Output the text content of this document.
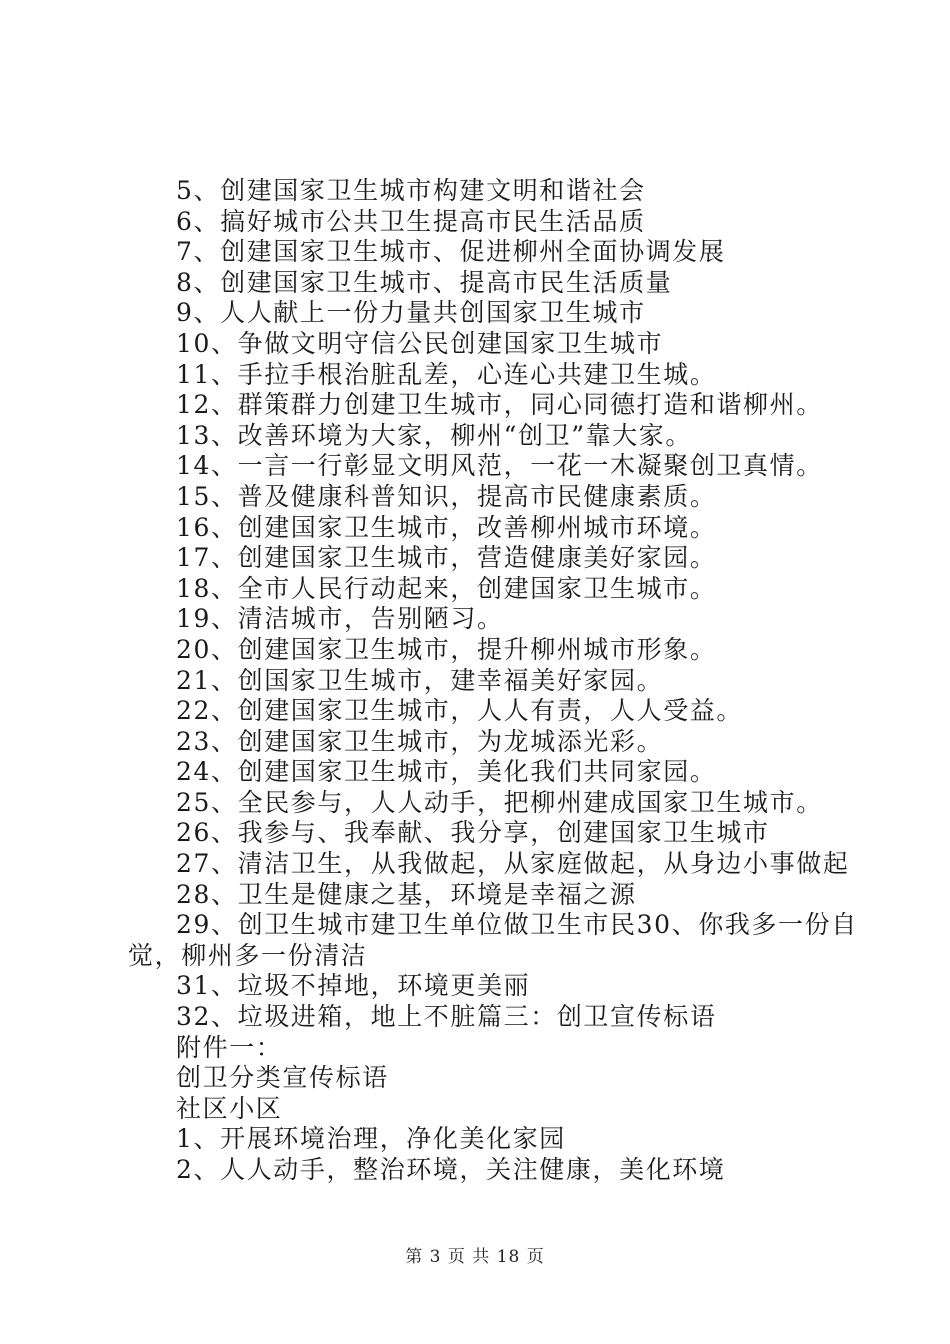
5、创建国家卫生城市构建文明和谐社会
6、搞好城市公共卫生提高市民生活品质
7、创建国家卫生城市、促进柳州全面协调发展
8、创建国家卫生城市、提高市民生活质量
9、人人献上一份力量共创国家卫生城市
10、争做文明守信公民创建国家卫生城市
11、手拉手根治脏乱差，心连心共建卫生城。
12、群策群力创建卫生城市，同心同德打造和谐柳州。
13、改善环境为大家，柳州“创卫”靠大家。
14、一言一行彰显文明风范，一花一木凝聚创卫真情。
15、普及健康科普知识，提高市民健康素质。
16、创建国家卫生城市，改善柳州城市环境。
17、创建国家卫生城市，营造健康美好家园。
18、全市人民行动起来，创建国家卫生城市。
19、清洁城市，告别陋习。
20、创建国家卫生城市，提升柳州城市形象。
21、创国家卫生城市，建幸福美好家园。
22、创建国家卫生城市，人人有责，人人受益。
23、创建国家卫生城市，为龙城添光彩。
24、创建国家卫生城市，美化我们共同家园。
25、全民参与，人人动手，把柳州建成国家卫生城市。
26、我参与、我奉献、我分享，创建国家卫生城市
27、清洁卫生，从我做起，从家庭做起，从身边小事做起
28、卫生是健康之基，环境是幸福之源
29、创卫生城市建卫生单位做卫生市民30、你我多一份自
觉，柳州多一份清洁
31、垃圾不掉地，环境更美丽
32、垃圾进箱，地上不脏篇三：创卫宣传标语
附件一：
创卫分类宣传标语
社区小区
1、开展环境治理，净化美化家园
2、人人动手，整治环境，关注健康，美化环境
第 3 页 共 18 页
